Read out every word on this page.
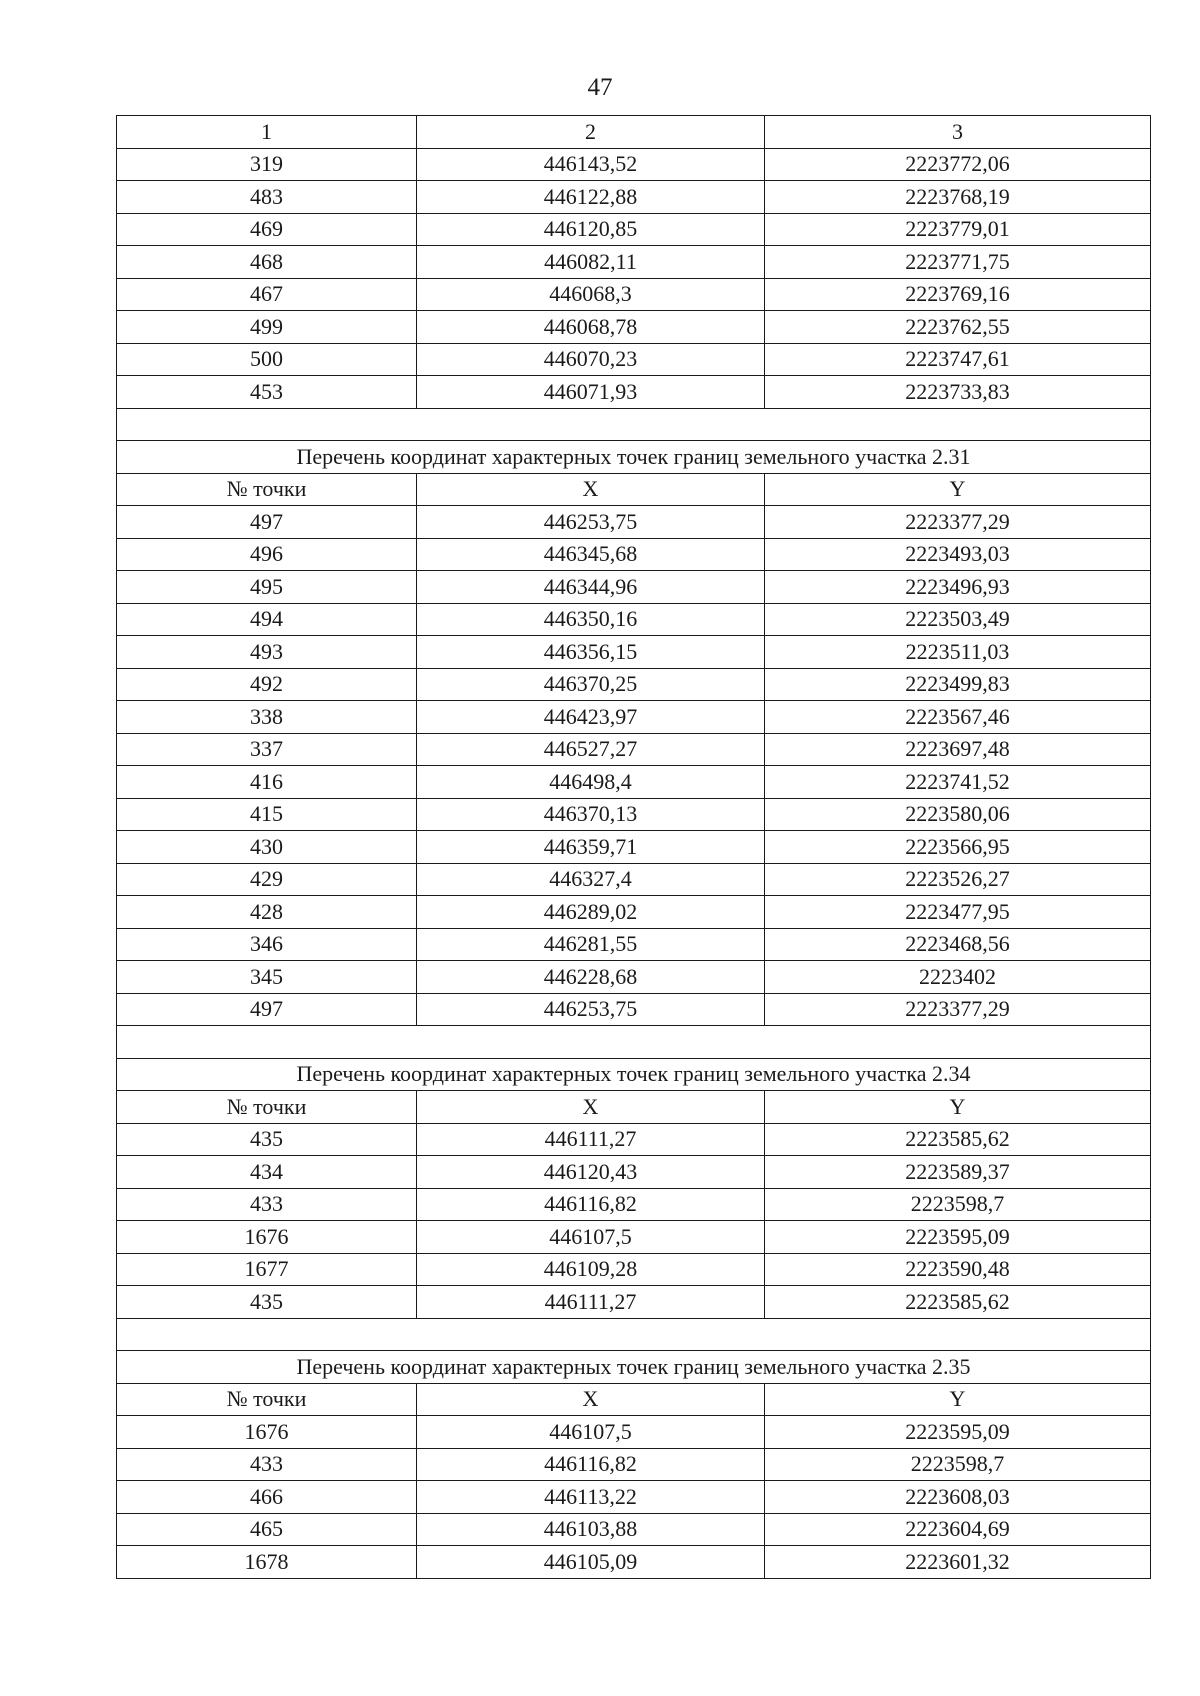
47
1	2	3
319	446143,52	2223772,06
483	446122,88	2223768,19
469	446120,85	2223779,01
468	446082,11	2223771,75
467	446068,3	2223769,16
499	446068,78	2223762,55
500	446070,23	2223747,61
453	446071,93	2223733,83

Перечень координат характерных точек границ земельного участка 2.31		
№ точки	X	Y
497	446253,75	2223377,29
496	446345,68	2223493,03
495	446344,96	2223496,93
494	446350,16	2223503,49
493	446356,15	2223511,03
492	446370,25	2223499,83
338	446423,97	2223567,46
337	446527,27	2223697,48
416	446498,4	2223741,52
415	446370,13	2223580,06
430	446359,71	2223566,95
429	446327,4	2223526,27
428	446289,02	2223477,95
346	446281,55	2223468,56
345	446228,68	2223402
497	446253,75	2223377,29

Перечень координат характерных точек границ земельного участка 2.34		
№ точки	X	Y
435	446111,27	2223585,62
434	446120,43	2223589,37
433	446116,82	2223598,7
1676	446107,5	2223595,09
1677	446109,28	2223590,48
435	446111,27	2223585,62

Перечень координат характерных точек границ земельного участка 2.35		
№ точки	X	Y
1676	446107,5	2223595,09
433	446116,82	2223598,7
466	446113,22	2223608,03
465	446103,88	2223604,69
1678	446105,09	2223601,32
